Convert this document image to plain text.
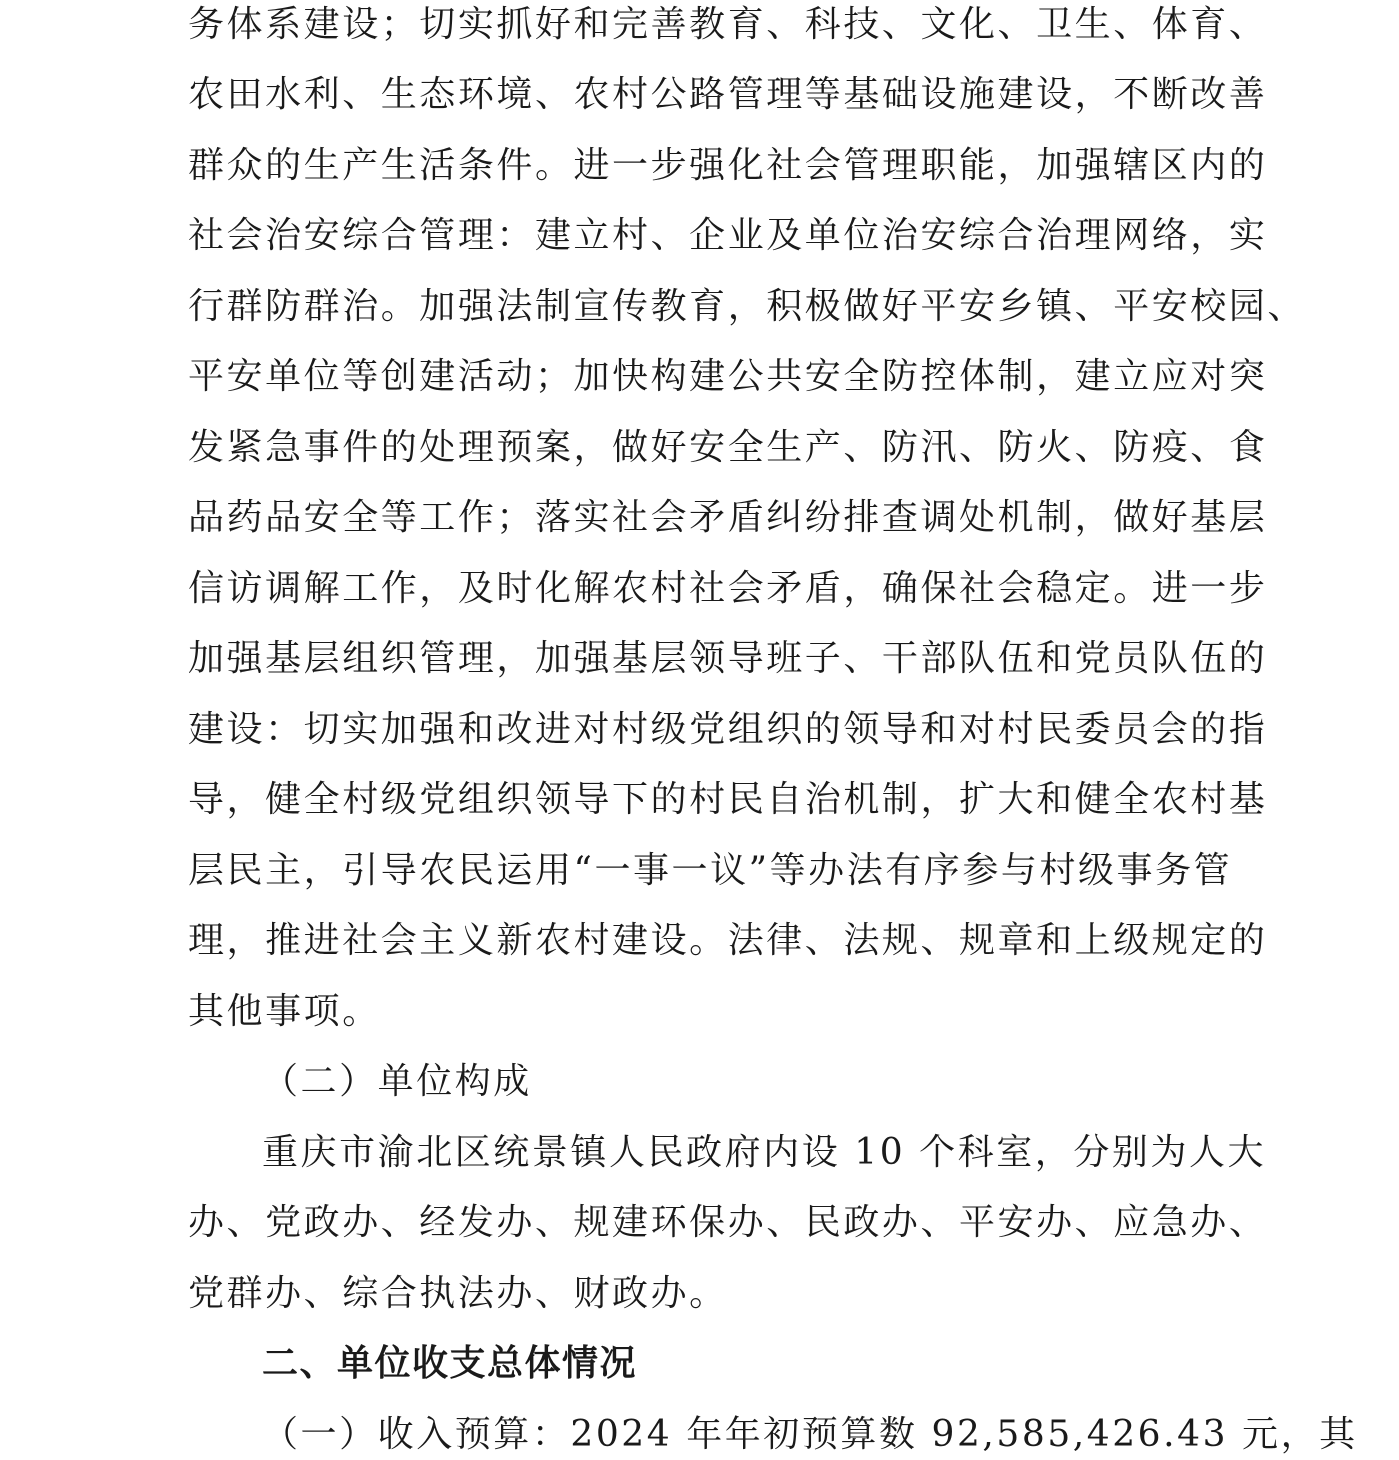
务体系建设；切实抓好和完善教育、科技、文化、卫生、体育、
农田水利、生态环境、农村公路管理等基础设施建设，不断改善
群众的生产生活条件。进一步强化社会管理职能，加强辖区内的
社会治安综合管理：建立村、企业及单位治安综合治理网络，实
行群防群治。加强法制宣传教育，积极做好平安乡镇、平安校园、
平安单位等创建活动；加快构建公共安全防控体制，建立应对突
发紧急事件的处理预案，做好安全生产、防汛、防火、防疫、食
品药品安全等工作；落实社会矛盾纠纷排查调处机制，做好基层
信访调解工作，及时化解农村社会矛盾，确保社会稳定。进一步
加强基层组织管理，加强基层领导班子、干部队伍和党员队伍的
建设：切实加强和改进对村级党组织的领导和对村民委员会的指
导，健全村级党组织领导下的村民自治机制，扩大和健全农村基
层民主，引导农民运用“一事一议”等办法有序参与村级事务管
理，推进社会主义新农村建设。法律、法规、规章和上级规定的
其他事项。
（二）单位构成
重庆市渝北区统景镇人民政府内设 10 个科室，分别为人大
办、党政办、经发办、规建环保办、民政办、平安办、应急办、
党群办、综合执法办、财政办。
二、单位收支总体情况
（一）收入预算：2024 年年初预算数 92,585,426.43 元，其
